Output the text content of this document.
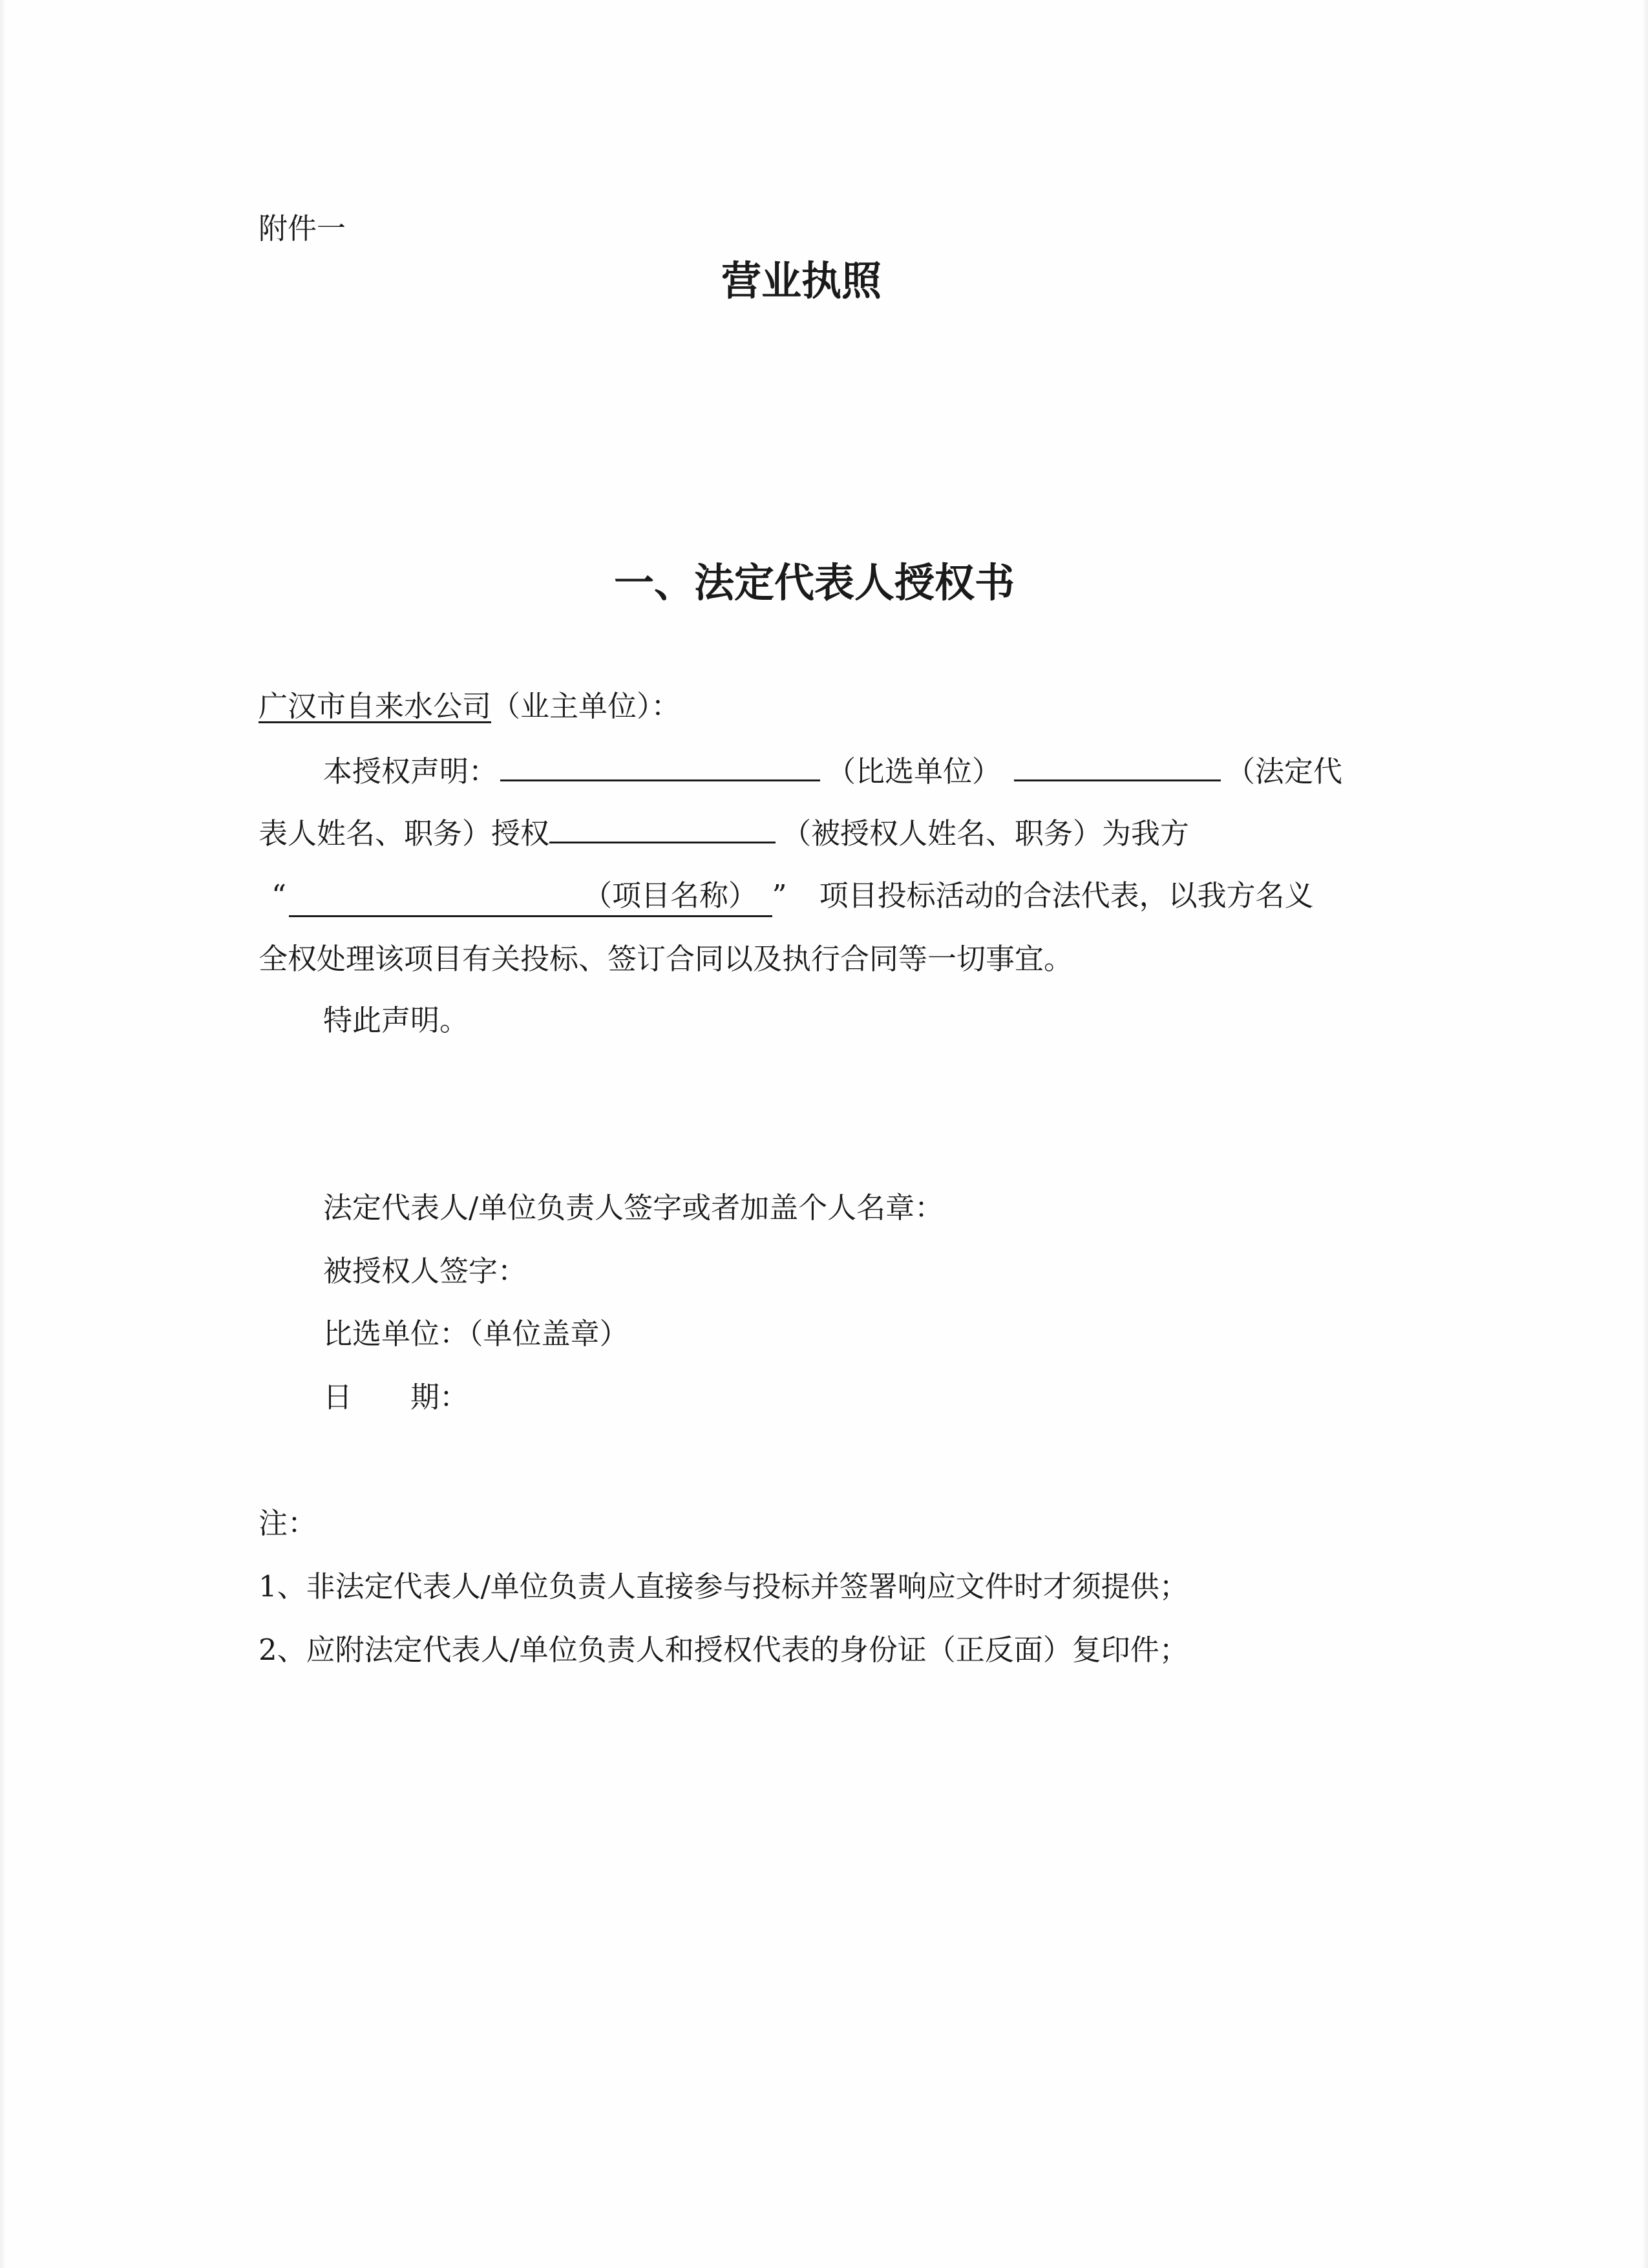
附件一
营业执照
一、法定代表人授权书
广汉市自来水公司（业主单位）：
本授权声明：	（比选单位）	（法定代
表人姓名、职务）授权	（被授权人姓名、职务）为我方
“	（项目名称）　 ” 项目投标活动的合法代表，以我方名义
全权处理该项目有关投标、签订合同以及执行合同等一切事宜。
特此声明。
法定代表人/单位负责人签字或者加盖个人名章：
被授权人签字：
比选单位：（单位盖章）
日　　期：
注：
1、非法定代表人/单位负责人直接参与投标并签署响应文件时才须提供；
2、应附法定代表人/单位负责人和授权代表的身份证（正反面）复印件；
